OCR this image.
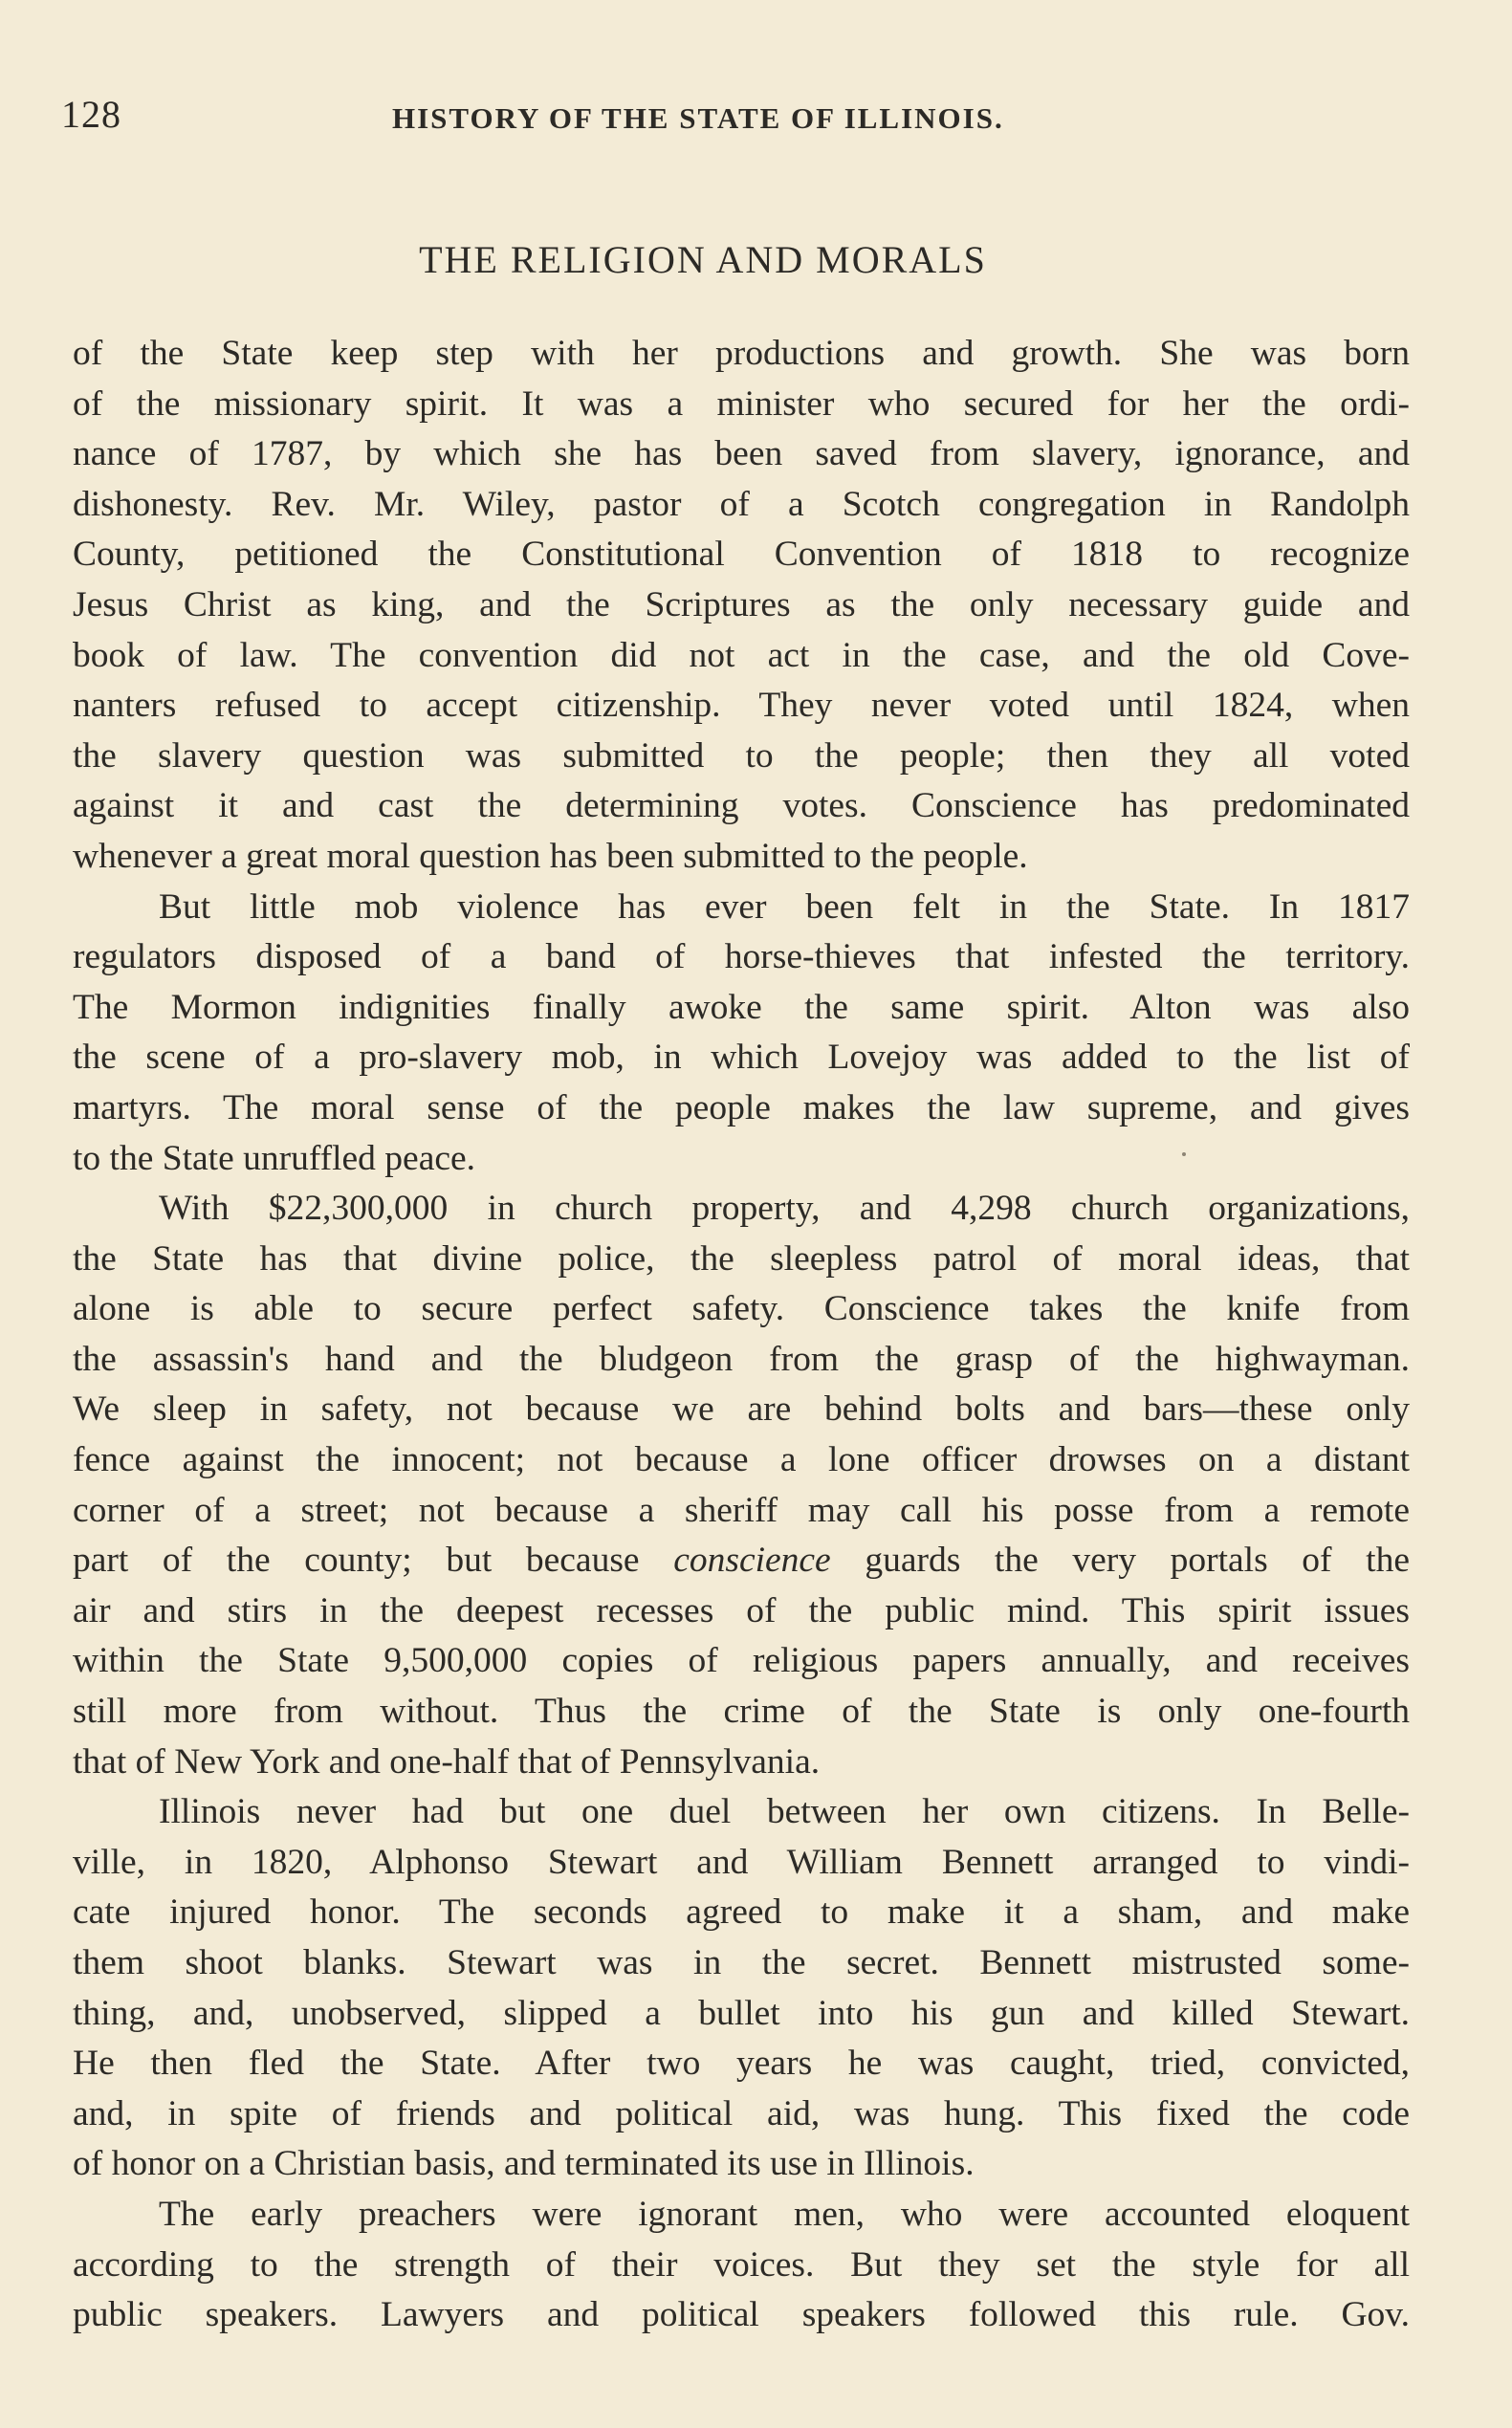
128	HISTORY OF THE STATE OF ILLINOIS.
THE RELIGION AND MORALS
of the State keep step with her productions and growth. She was born
of the missionary spirit. It was a minister who secured for her the ordi-
nance of 1787, by which she has been saved from slavery, ignorance, and
dishonesty. Rev. Mr. Wiley, pastor of a Scotch congregation in Randolph
County, petitioned the Constitutional Convention of 1818 to recognize
Jesus Christ as king, and the Scriptures as the only necessary guide and
book of law. The convention did not act in the case, and the old Cove-
nanters refused to accept citizenship. They never voted until 1824, when
the slavery question was submitted to the people; then they all voted
against it and cast the determining votes. Conscience has predominated
whenever a great moral question has been submitted to the people.
But little mob violence has ever been felt in the State. In 1817
regulators disposed of a band of horse-thieves that infested the territory.
The Mormon indignities finally awoke the same spirit. Alton was also
the scene of a pro-slavery mob, in which Lovejoy was added to the list of
martyrs. The moral sense of the people makes the law supreme, and gives
to the State unruffled peace.
With $22,300,000 in church property, and 4,298 church organizations,
the State has that divine police, the sleepless patrol of moral ideas, that
alone is able to secure perfect safety. Conscience takes the knife from
the assassin's hand and the bludgeon from the grasp of the highwayman.
We sleep in safety, not because we are behind bolts and bars—these only
fence against the innocent; not because a lone officer drowses on a distant
corner of a street; not because a sheriff may call his posse from a remote
part of the county; but because conscience guards the very portals of the
air and stirs in the deepest recesses of the public mind. This spirit issues
within the State 9,500,000 copies of religious papers annually, and receives
still more from without. Thus the crime of the State is only one-fourth
that of New York and one-half that of Pennsylvania.
Illinois never had but one duel between her own citizens. In Belle-
ville, in 1820, Alphonso Stewart and William Bennett arranged to vindi-
cate injured honor. The seconds agreed to make it a sham, and make
them shoot blanks. Stewart was in the secret. Bennett mistrusted some-
thing, and, unobserved, slipped a bullet into his gun and killed Stewart.
He then fled the State. After two years he was caught, tried, convicted,
and, in spite of friends and political aid, was hung. This fixed the code
of honor on a Christian basis, and terminated its use in Illinois.
The early preachers were ignorant men, who were accounted eloquent
according to the strength of their voices. But they set the style for all
public speakers. Lawyers and political speakers followed this rule. Gov.
